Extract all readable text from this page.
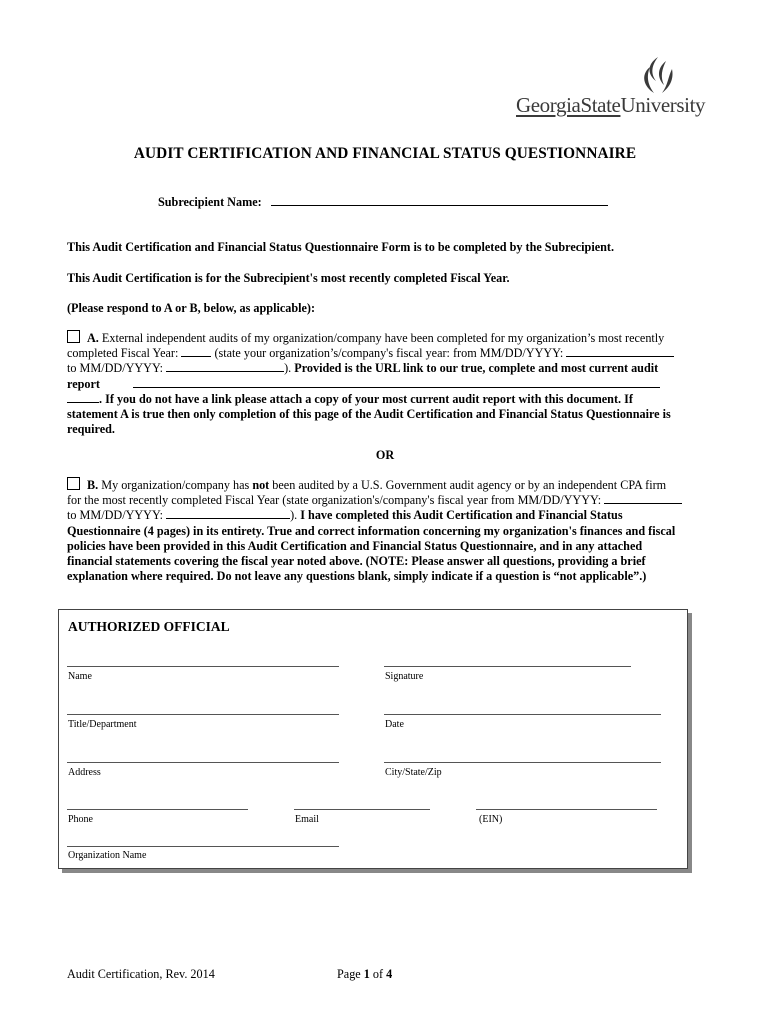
GeorgiaStateUniversity
AUDIT CERTIFICATION AND FINANCIAL STATUS QUESTIONNAIRE
Subrecipient Name:
This Audit Certification and Financial Status Questionnaire Form is to be completed by the Subrecipient.
This Audit Certification is for the Subrecipient's most recently completed Fiscal Year.
(Please respond to A or B, below, as applicable):
A. External independent audits of my organization/company have been completed for my organization’s most recently
completed Fiscal Year:	(state your organization’s/company's fiscal year: from MM/DD/YYYY:
to MM/DD/YYYY:	). Provided is the URL link to our true, complete and most current audit
report
. If you do not have a link please attach a copy of your most current audit report with this document. If
statement A is true then only completion of this page of the Audit Certification and Financial Status Questionnaire is
required.
OR
B. My organization/company has not been audited by a U.S. Government audit agency or by an independent CPA firm
for the most recently completed Fiscal Year (state organization's/company's fiscal year from MM/DD/YYYY:
to MM/DD/YYYY:	). I have completed this Audit Certification and Financial Status
Questionnaire (4 pages) in its entirety. True and correct information concerning my organization's finances and fiscal
policies have been provided in this Audit Certification and Financial Status Questionnaire, and in any attached
financial statements covering the fiscal year noted above. (NOTE: Please answer all questions, providing a brief
explanation where required. Do not leave any questions blank, simply indicate if a question is “not applicable”.)
AUTHORIZED OFFICIAL
Name	Signature
Title/Department	Date
Address	City/State/Zip
Phone	Email	(EIN)
Organization Name
Audit Certification, Rev. 2014	Page 1 of 4
